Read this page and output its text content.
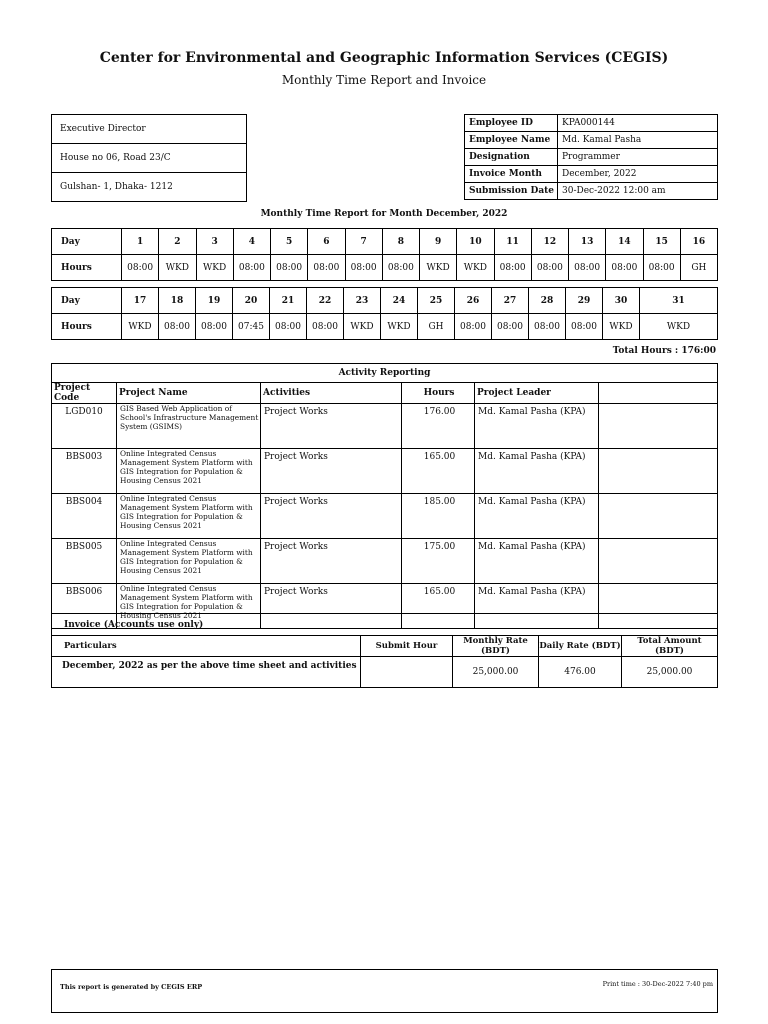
Center for Environmental and Geographic Information Services (CEGIS)
Monthly Time Report and Invoice
Executive Director
House no 06, Road 23/C
Gulshan- 1, Dhaka- 1212
Employee ID	KPA000144
Employee Name	Md. Kamal Pasha
Designation	Programmer
Invoice Month	December, 2022
Submission Date	30-Dec-2022 12:00 am
Monthly Time Report for Month December, 2022
Day	1	2	3	4	5	6	7	8	9	10	11	12	13	14	15	16
Hours	08:00	WKD	WKD	08:00	08:00	08:00	08:00	08:00	WKD	WKD	08:00	08:00	08:00	08:00	08:00	GH
Day	17	18	19	20	21	22	23	24	25	26	27	28	29	30	31
Hours	WKD	08:00	08:00	07:45	08:00	08:00	WKD	WKD	GH	08:00	08:00	08:00	08:00	WKD	WKD
Total Hours : 176:00
Activity Reporting					
Project Code	Project Name	Activities	Hours	Project Leader	
LGD010	GIS Based Web Application of School's Infrastructure Management System (GSIMS)	Project Works	176.00	Md. Kamal Pasha (KPA)	
BBS003	Online Integrated Census Management System Platform with GIS Integration for Population & Housing Census 2021	Project Works	165.00	Md. Kamal Pasha (KPA)	
BBS004	Online Integrated Census Management System Platform with GIS Integration for Population & Housing Census 2021	Project Works	185.00	Md. Kamal Pasha (KPA)	
BBS005	Online Integrated Census Management System Platform with GIS Integration for Population & Housing Census 2021	Project Works	175.00	Md. Kamal Pasha (KPA)	
BBS006	Online Integrated Census Management System Platform with GIS Integration for Population & Housing Census 2021	Project Works	165.00	Md. Kamal Pasha (KPA)	
Invoice (Accounts use only)				
Particulars	Submit Hour	Monthly Rate (BDT)	Daily Rate (BDT)	Total Amount (BDT)
December, 2022 as per the above time sheet and activities		25,000.00	476.00	25,000.00
This report is generated by CEGIS ERP	Print time : 30-Dec-2022 7:40 pm
